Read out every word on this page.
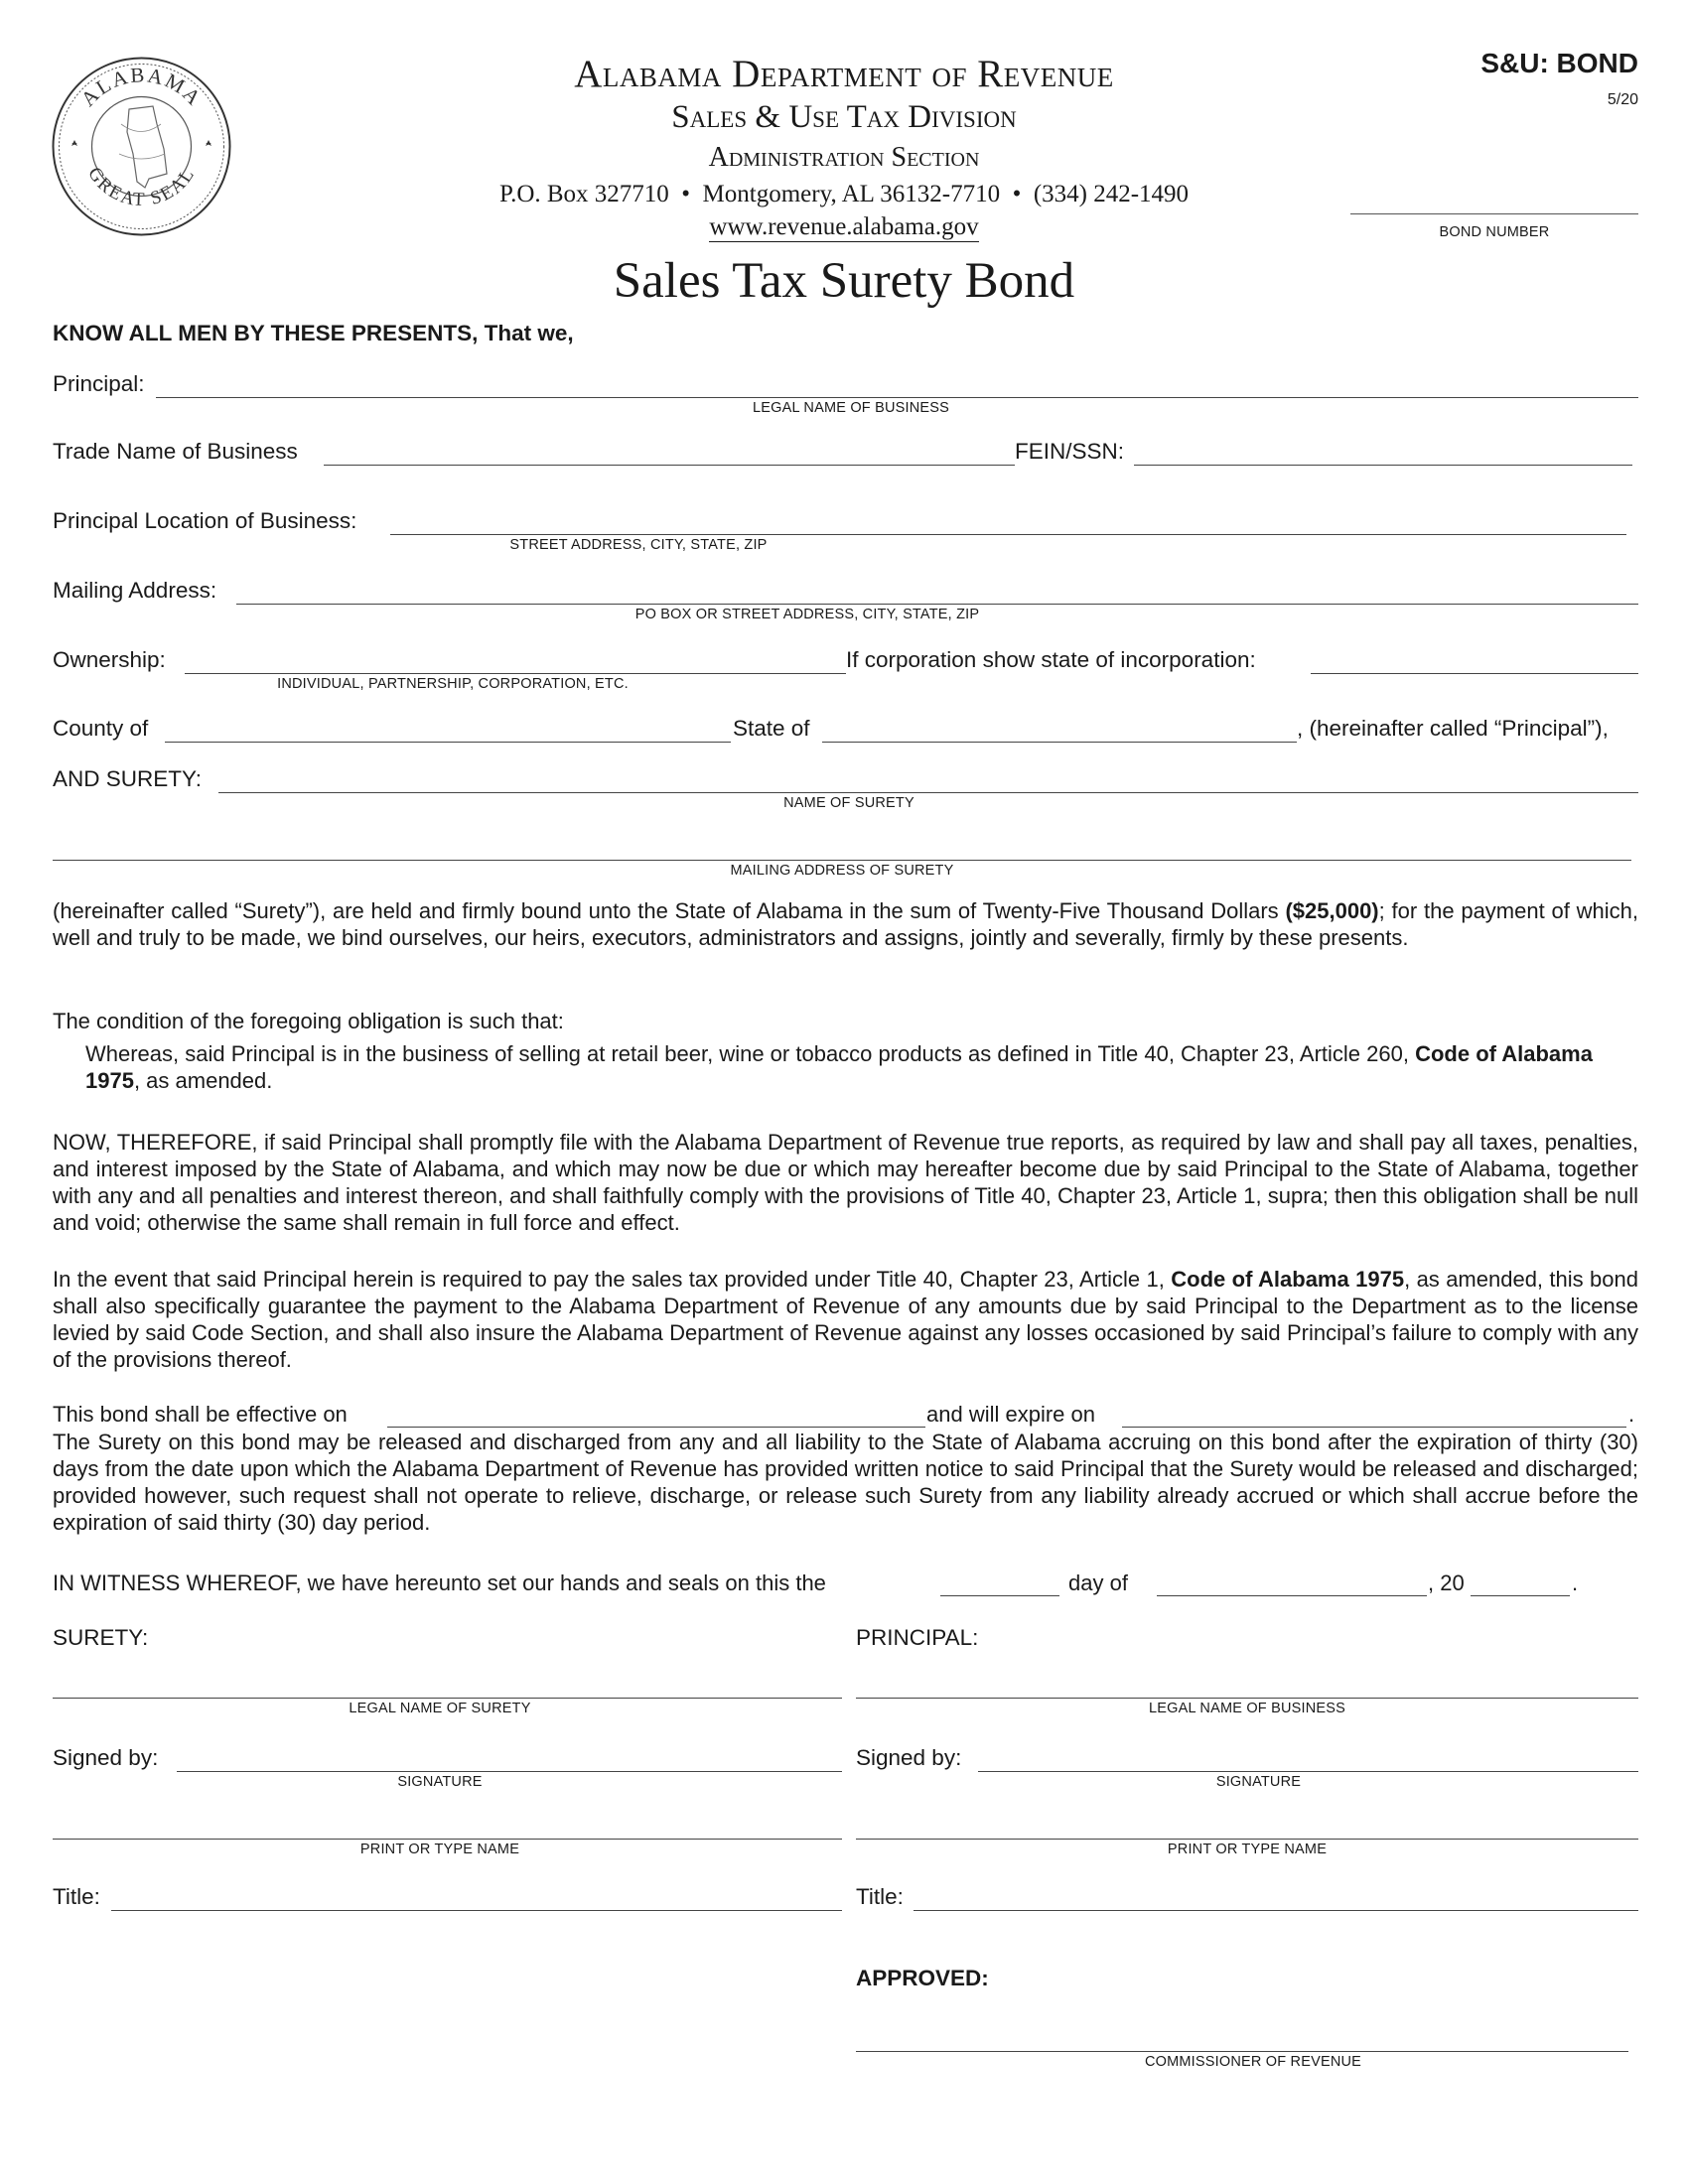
ALABAMA
GREAT SEAL
Alabama Department of Revenue
Sales & Use Tax Division
Administration Section
P.O. Box 327710  •  Montgomery, AL 36132-7710  •  (334) 242-1490
www.revenue.alabama.gov
Sales Tax Surety Bond
S&U: BOND
5/20
BOND NUMBER
KNOW ALL MEN BY THESE PRESENTS, That we,
Principal:
LEGAL NAME OF BUSINESS
Trade Name of Business	FEIN/SSN:
Principal Location of Business:
STREET ADDRESS, CITY, STATE, ZIP
Mailing Address:
PO BOX OR STREET ADDRESS, CITY, STATE, ZIP
Ownership:
INDIVIDUAL, PARTNERSHIP, CORPORATION, ETC.
If corporation show state of incorporation:
County of	State of	, (hereinafter called “Principal”),
AND SURETY:
NAME OF SURETY
MAILING ADDRESS OF SURETY

(hereinafter called “Surety”), are held and firmly bound unto the State of Alabama in the sum of Twenty-Five Thousand Dollars ($25,000); for the payment of which, well and truly to be made, we bind ourselves, our heirs, executors, administrators and assigns, jointly and severally, firmly by these presents.

The condition of the foregoing obligation is such that:

Whereas, said Principal is in the business of selling at retail beer, wine or tobacco products as defined in Title 40, Chapter 23, Article 260, Code of Alabama 1975, as amended.

NOW, THEREFORE, if said Principal shall promptly file with the Alabama Department of Revenue true reports, as required by law and shall pay all taxes, penalties, and interest imposed by the State of Alabama, and which may now be due or which may hereafter become due by said Principal to the State of Alabama, together with any and all penalties and interest thereon, and shall faithfully comply with the provisions of Title 40, Chapter 23, Article 1, supra; then this obligation shall be null and void; otherwise the same shall remain in full force and effect.

In the event that said Principal herein is required to pay the sales tax provided under Title 40, Chapter 23, Article 1, Code of Alabama 1975, as amended, this bond shall also specifically guarantee the payment to the Alabama Department of Revenue of any amounts due by said Principal to the Department as to the license levied by said Code Section, and shall also insure the Alabama Department of Revenue against any losses occasioned by said Principal’s failure to comply with any of the provisions thereof.

This bond shall be effective on	and will expire on	.

The Surety on this bond may be released and discharged from any and all liability to the State of Alabama accruing on this bond after the expiration of thirty (30) days from the date upon which the Alabama Department of Revenue has provided written notice to said Principal that the Surety would be released and discharged; provided however, such request shall not operate to relieve, discharge, or release such Surety from any liability already accrued or which shall accrue before the expiration of said thirty (30) day period.

IN WITNESS WHEREOF, we have hereunto set our hands and seals on this the	day of	, 20	.
SURETY:	PRINCIPAL:
LEGAL NAME OF SURETY	LEGAL NAME OF BUSINESS
Signed by:
SIGNATURE
Signed by:
SIGNATURE
PRINT OR TYPE NAME	PRINT OR TYPE NAME
Title:	Title:
APPROVED:
COMMISSIONER OF REVENUE
